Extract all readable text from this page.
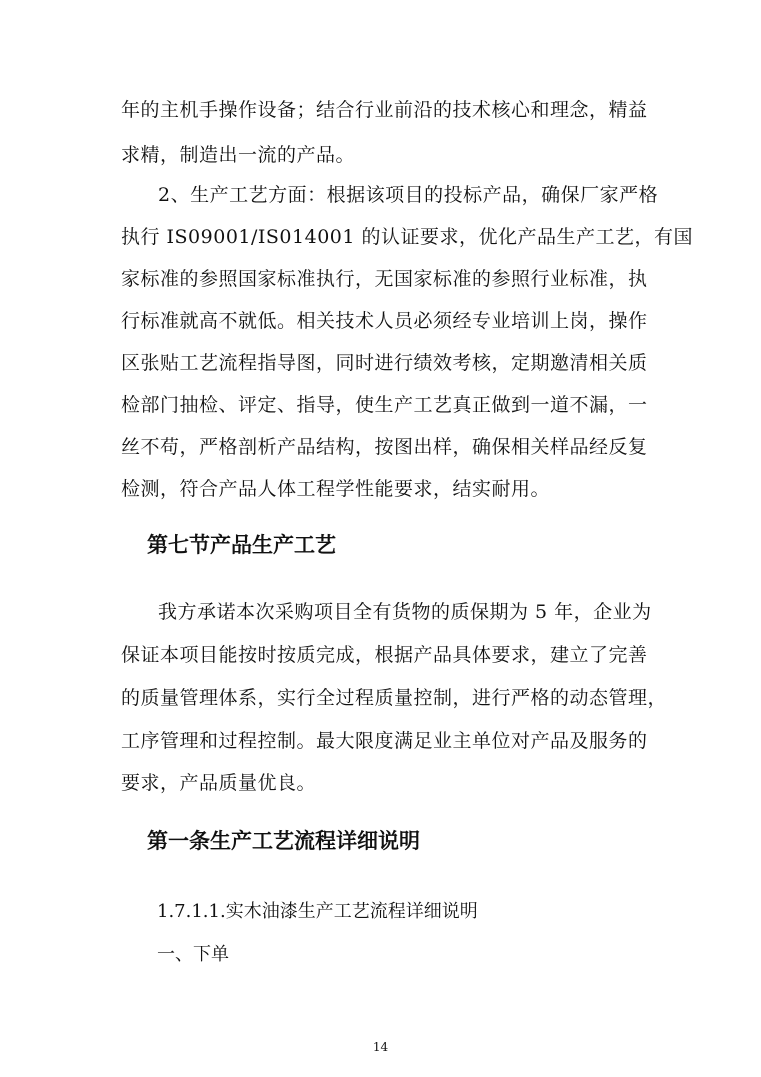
年的主机手操作设备；结合行业前沿的技术核心和理念，精益
求精，制造出一流的产品。
2、生产工艺方面：根据该项目的投标产品，确保厂家严格
执行 IS09001/IS014001 的认证要求，优化产品生产工艺，有国
家标准的参照国家标准执行，无国家标准的参照行业标准，执
行标准就高不就低。相关技术人员必须经专业培训上岗，操作
区张贴工艺流程指导图，同时进行绩效考核，定期邀清相关质
检部门抽检、评定、指导，使生产工艺真正做到一道不漏，一
丝不苟，严格剖析产品结构，按图出样，确保相关样品经反复
检测，符合产品人体工程学性能要求，结实耐用。
第七节产品生产工艺
我方承诺本次采购项目全有货物的质保期为 5 年，企业为
保证本项目能按时按质完成，根据产品具体要求，建立了完善
的质量管理体系，实行全过程质量控制，进行严格的动态管理，
工序管理和过程控制。最大限度满足业主单位对产品及服务的
要求，产品质量优良。
第一条生产工艺流程详细说明
1.7.1.1.实木油漆生产工艺流程详细说明
一、下单
14
